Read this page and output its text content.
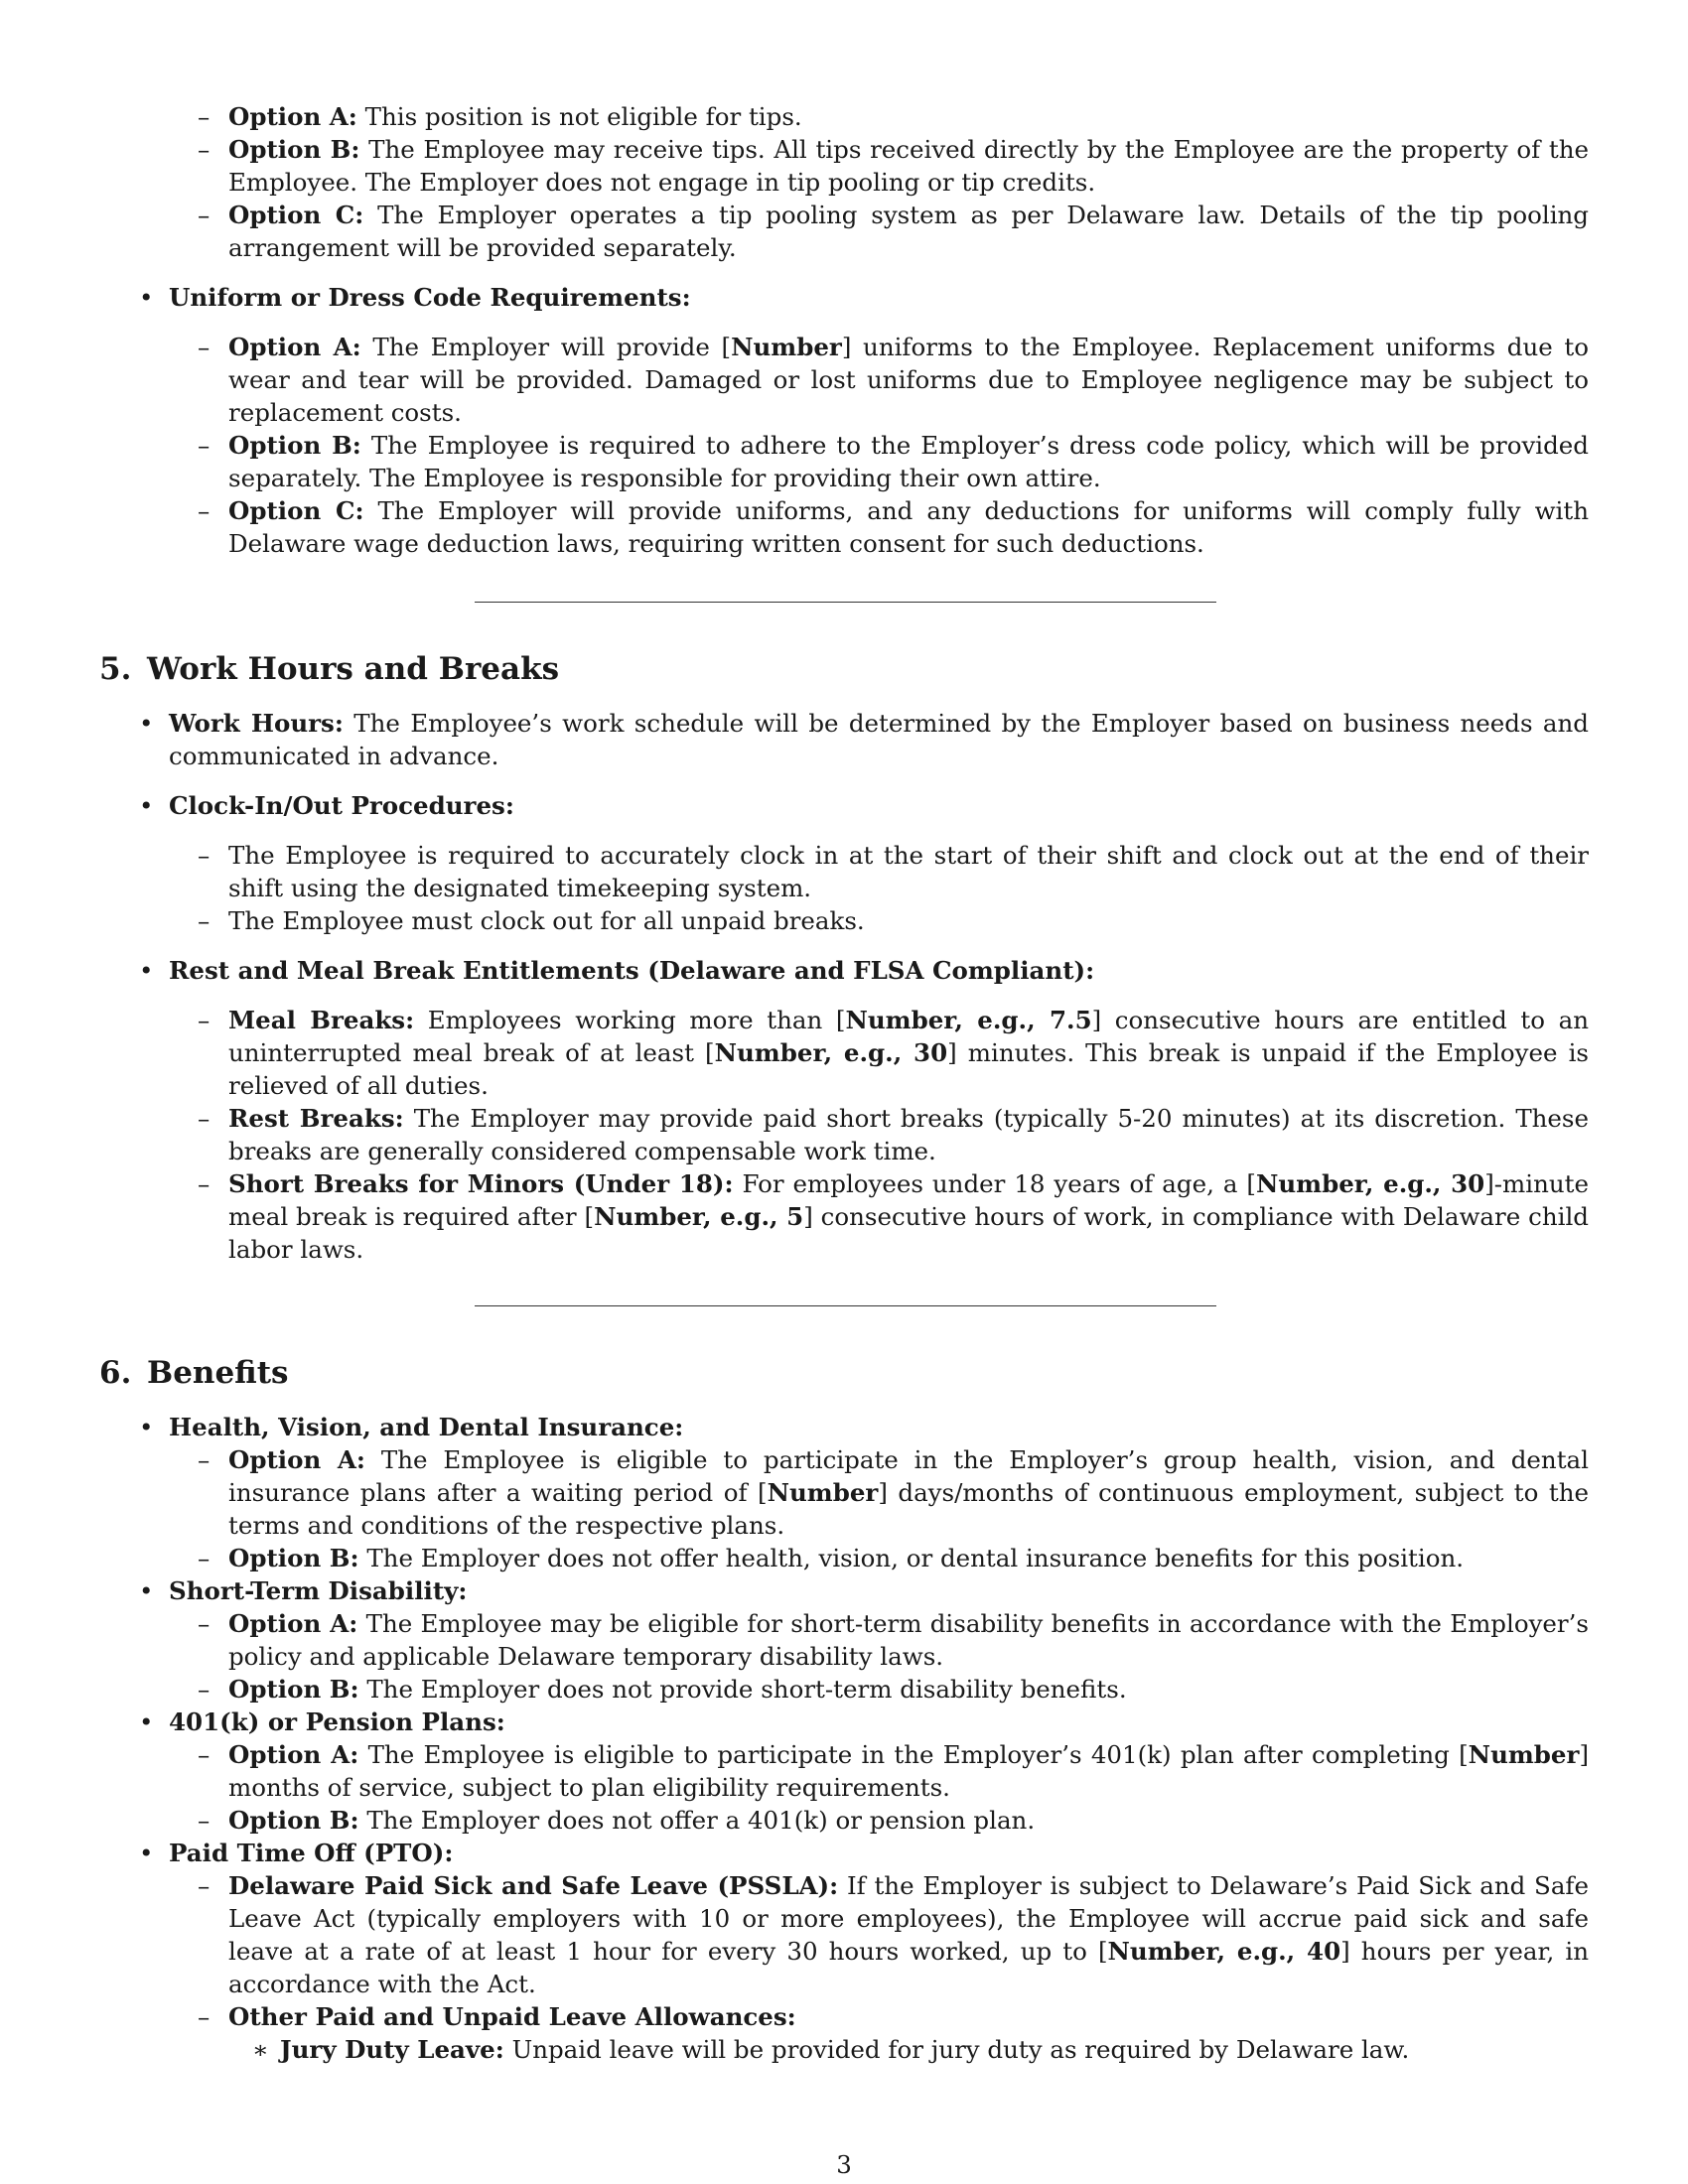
– Option A: This position is not eligible for tips.
– Option B: The Employee may receive tips. All tips received directly by the Employee are the property of the Employee. The Employer does not engage in tip pooling or tip credits.
– Option C: The Employer operates a tip pooling system as per Delaware law. Details of the tip pooling arrangement will be provided separately.
• Uniform or Dress Code Requirements:
– Option A: The Employer will provide [Number] uniforms to the Employee. Replacement uniforms due to wear and tear will be provided. Damaged or lost uniforms due to Employee negligence may be subject to replacement costs.
– Option B: The Employee is required to adhere to the Employer’s dress code policy, which will be provided separately. The Employee is responsible for providing their own attire.
– Option C: The Employer will provide uniforms, and any deductions for uniforms will comply fully with Delaware wage deduction laws, requiring written consent for such deductions.
5. Work Hours and Breaks
• Work Hours: The Employee’s work schedule will be determined by the Employer based on business needs and communicated in advance.
• Clock-In/Out Procedures:
– The Employee is required to accurately clock in at the start of their shift and clock out at the end of their shift using the designated timekeeping system.
– The Employee must clock out for all unpaid breaks.
• Rest and Meal Break Entitlements (Delaware and FLSA Compliant):
– Meal Breaks: Employees working more than [Number, e.g., 7.5] consecutive hours are entitled to an uninterrupted meal break of at least [Number, e.g., 30] minutes. This break is unpaid if the Employee is relieved of all duties.
– Rest Breaks: The Employer may provide paid short breaks (typically 5-20 minutes) at its discretion. These breaks are generally considered compensable work time.
– Short Breaks for Minors (Under 18): For employees under 18 years of age, a [Number, e.g., 30]-minute meal break is required after [Number, e.g., 5] consecutive hours of work, in compliance with Delaware child labor laws.
6. Benefits
• Health, Vision, and Dental Insurance:
– Option A: The Employee is eligible to participate in the Employer’s group health, vision, and dental insurance plans after a waiting period of [Number] days/months of continuous employment, subject to the terms and conditions of the respective plans.
– Option B: The Employer does not offer health, vision, or dental insurance benefits for this position.
• Short-Term Disability:
– Option A: The Employee may be eligible for short-term disability benefits in accordance with the Employer’s policy and applicable Delaware temporary disability laws.
– Option B: The Employer does not provide short-term disability benefits.
• 401(k) or Pension Plans:
– Option A: The Employee is eligible to participate in the Employer’s 401(k) plan after completing [Number] months of service, subject to plan eligibility requirements.
– Option B: The Employer does not offer a 401(k) or pension plan.
• Paid Time Off (PTO):
– Delaware Paid Sick and Safe Leave (PSSLA): If the Employer is subject to Delaware’s Paid Sick and Safe Leave Act (typically employers with 10 or more employees), the Employee will accrue paid sick and safe leave at a rate of at least 1 hour for every 30 hours worked, up to [Number, e.g., 40] hours per year, in accordance with the Act.
– Other Paid and Unpaid Leave Allowances:
∗ Jury Duty Leave: Unpaid leave will be provided for jury duty as required by Delaware law.
3
